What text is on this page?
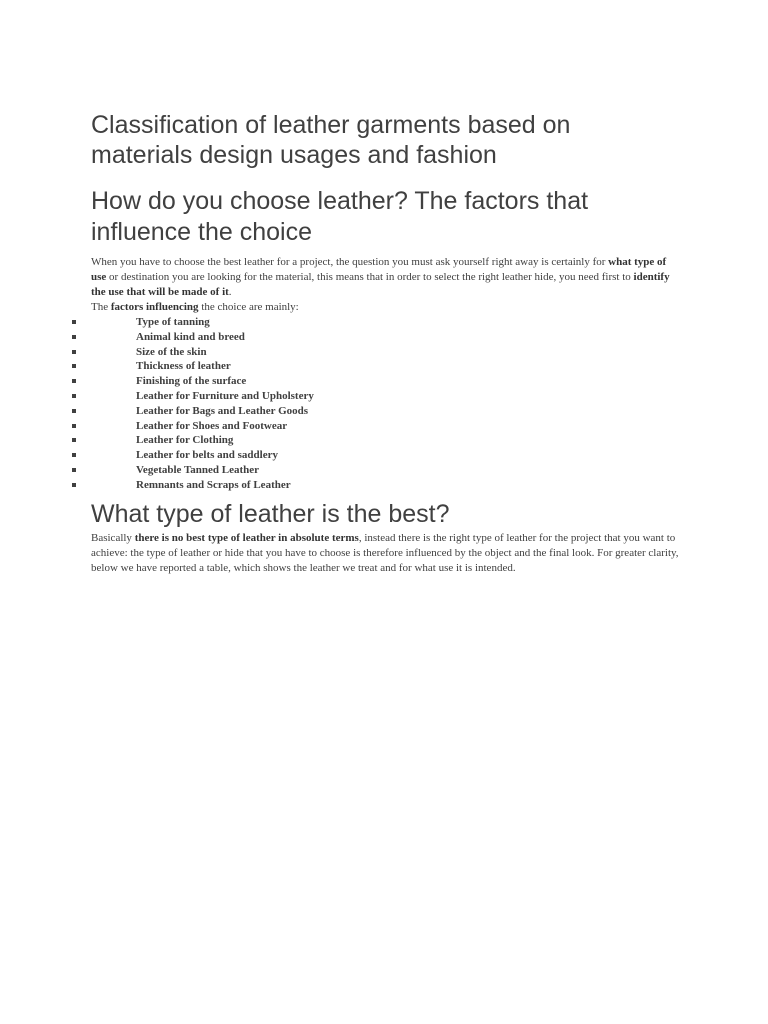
Classification of leather garments based on materials design usages and fashion
How do you choose leather? The factors that influence the choice

When you have to choose the best leather for a project, the question you must ask yourself right away is certainly for what type of use or destination you are looking for the material, this means that in order to select the right leather hide, you need first to identify the use that will be made of it.

The factors influencing the choice are mainly:

Type of tanning
Animal kind and breed
Size of the skin
Thickness of leather
Finishing of the surface
Leather for Furniture and Upholstery
Leather for Bags and Leather Goods
Leather for Shoes and Footwear
Leather for Clothing
Leather for belts and saddlery
Vegetable Tanned Leather
Remnants and Scraps of Leather
What type of leather is the best?

Basically there is no best type of leather in absolute terms, instead there is the right type of leather for the project that you want to achieve: the type of leather or hide that you have to choose is therefore influenced by the object and the final look. For greater clarity, below we have reported a table, which shows the leather we treat and for what use it is intended.
